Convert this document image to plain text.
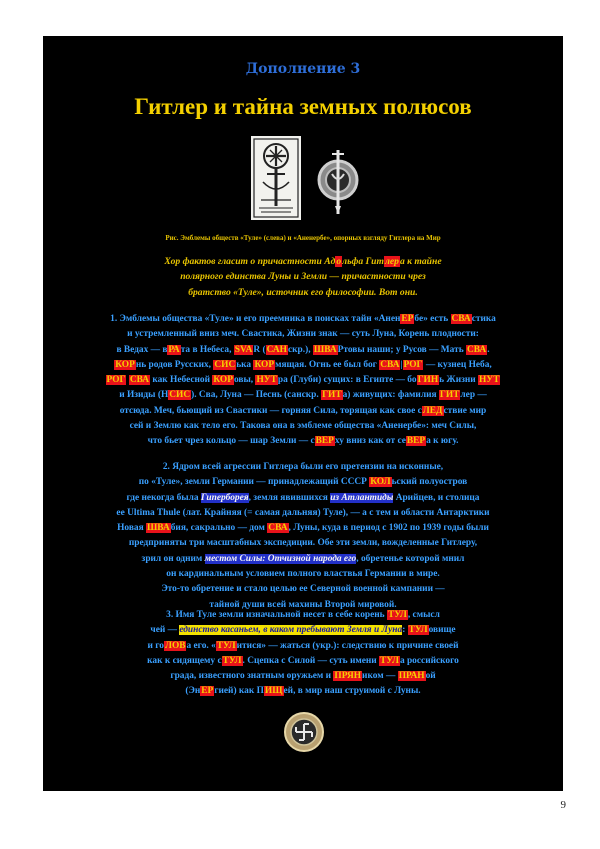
Дополнение 3
Гитлер и тайна земных полюсов
Рис. Эмблемы обществ «Туле» (слева) и «Аненербе», опорных взгляду Гитлера на Мир
Хор фактов гласит о причастности Адольфа Гитлера к тайне
полярного единства Луны и Земли — причастности чрез
братство «Туле», источник его философии. Вот они.
1. Эмблемы общества «Туле» и его преемника в поисках тайн «АненЕРбе» есть СВАстика
и устремленный вниз меч. Свастика, Жизни знак — суть Луна, Корень плодности:
в Ведах — вРАта в Небеса, SVAR (САНскр.), ШВАРтовы наши; у Русов — Мать СВА.
КОРнь родов Русских, СИСька КОРмящая. Огнь ее был бог СВА|РОГ — кузнец Неба,
РОГ СВА как Небесной КОРовы, НУТра (Глуби) сущих: в Египте — боГИНь Жизни НУТ
и Изиды (НСИС). Сва, Луна — Песнь (санскр. ГИТа) живущих: фамилия ГИТлер —
отсюда. Меч, бьющий из Свастики — горняя Сила, торящая как свое сЛЕДствие мир
сей и Землю как тело его. Такова она в эмблеме общества «Аненербе»: меч Силы,
что бьет чрез кольцо — шар Земли — сВЕРху вниз как от сеВЕРа к югу.
2. Ядром всей агрессии Гитлера были его претензии на исконные,
по «Туле», земли Германии — принадлежащий СССР КОЛьский полуостров
где некогда была Гиперборея, земля явившихся из Атлантиды Арийцев, и столица
ее Ultima Thule (лат. Крайняя (= самая дальняя) Туле), — а с тем и области Антарктики
Новая ШВАбия, сакрально — дом СВА, Луны, куда в период с 1902 по 1939 годы были
предприняты три масштабных экспедиции. Обе эти земли, вожделенные Гитлеру,
зрил он одним местом Силы: Отчизной народа его, обретенье которой мнил
он кардинальным условием полного властвья Германии в мире.
Это-то обретение и стало целью ее Северной военной кампании —
тайной души всей махины Второй мировой.
3. Имя Туле земли изначальной несет в себе корень ТУЛ, смысл
чей — единство касаньем, в каком пребывают Земля и Луна: ТУЛовище
и гоЛОВа его. «ТУЛитися» — жаться (укр.): следствию к причине своей
как к сидящему сТУЛ. Сцепка с Силой — суть имени ТУЛа российского
града, известного знатным оружьем и ПРЯНиком — ПРАНой
(ЭнЕРгией) как ПИЩей, в мир наш струимой с Луны.
9
